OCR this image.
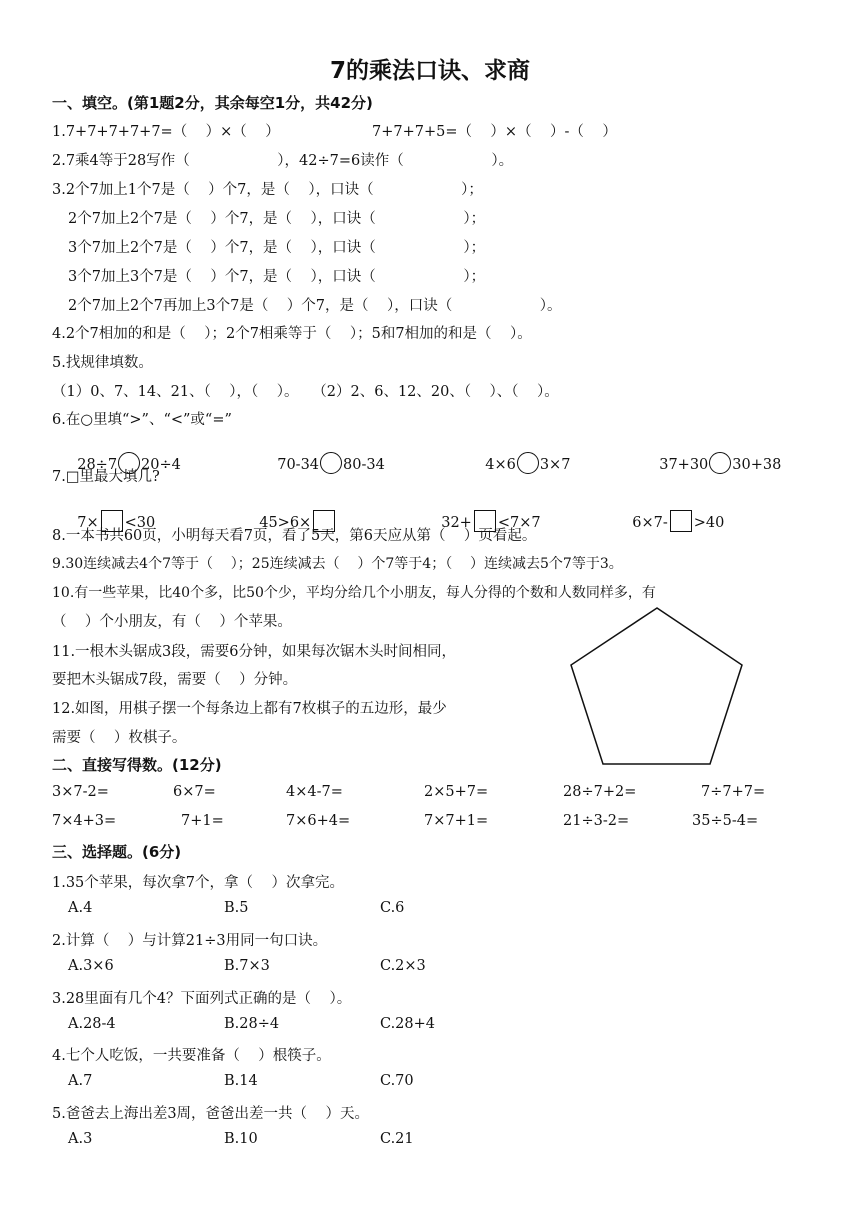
7的乘法口诀、求商
一、填空。(第1题2分，其余每空1分，共42分)
1.7+7+7+7+7=（    ）×（    ）	7+7+7+5=（    ）×（    ）-（    ）
2.7乘4等于28写作（                   ），42÷7=6读作（                   ）。
3.2个7加上1个7是（    ）个7，是（    ），口诀（                   ）；
2个7加上2个7是（    ）个7，是（    ），口诀（                   ）；
3个7加上2个7是（    ）个7，是（    ），口诀（                   ）；
3个7加上3个7是（    ）个7，是（    ），口诀（                   ）；
2个7加上2个7再加上3个7是（    ）个7，是（    ），口诀（                   ）。
4.2个7相加的和是（    ）；2个7相乘等于（    ）；5和7相加的和是（    ）。
5.找规律填数。
（1）0、7、14、21、（    ），（    ）。   （2）2、6、12、20、（    ）、（    ）。
6.在○里填“>”、“<”或“=”

28÷7 20÷4	70-34 80-34	4×6 3×7	37+30 30+38

7.□里最大填几?

7× <30	45>6×	32+ <7×7	6×7- >40

8.一本书共60页，小明每天看7页，看了5天，第6天应从第（    ）页看起。
9.30连续减去4个7等于（    ）；25连续减去（    ）个7等于4；（    ）连续减去5个7等于3。
10.有一些苹果，比40个多，比50个少，平均分给几个小朋友，每人分得的个数和人数同样多，有
（    ）个小朋友，有（    ）个苹果。
11.一根木头锯成3段，需要6分钟，如果每次锯木头时间相同，
要把木头锯成7段，需要（    ）分钟。
12.如图，用棋子摆一个每条边上都有7枚棋子的五边形，最少
需要（    ）枚棋子。
二、直接写得数。(12分)
3×7-2=	6×7=	4×4-7=	2×5+7=	28÷7+2=	7÷7+7=
7×4+3=	7+1=	7×6+4=	7×7+1=	21÷3-2=	35÷5-4=
三、选择题。(6分)
1.35个苹果，每次拿7个，拿（    ）次拿完。
A.4	B.5	C.6
2.计算（    ）与计算21÷3用同一句口诀。
A.3×6	B.7×3	C.2×3
3.28里面有几个4？下面列式正确的是（    ）。
A.28-4	B.28÷4	C.28+4
4.七个人吃饭，一共要准备（    ）根筷子。
A.7	B.14	C.70
5.爸爸去上海出差3周，爸爸出差一共（    ）天。
A.3	B.10	C.21
